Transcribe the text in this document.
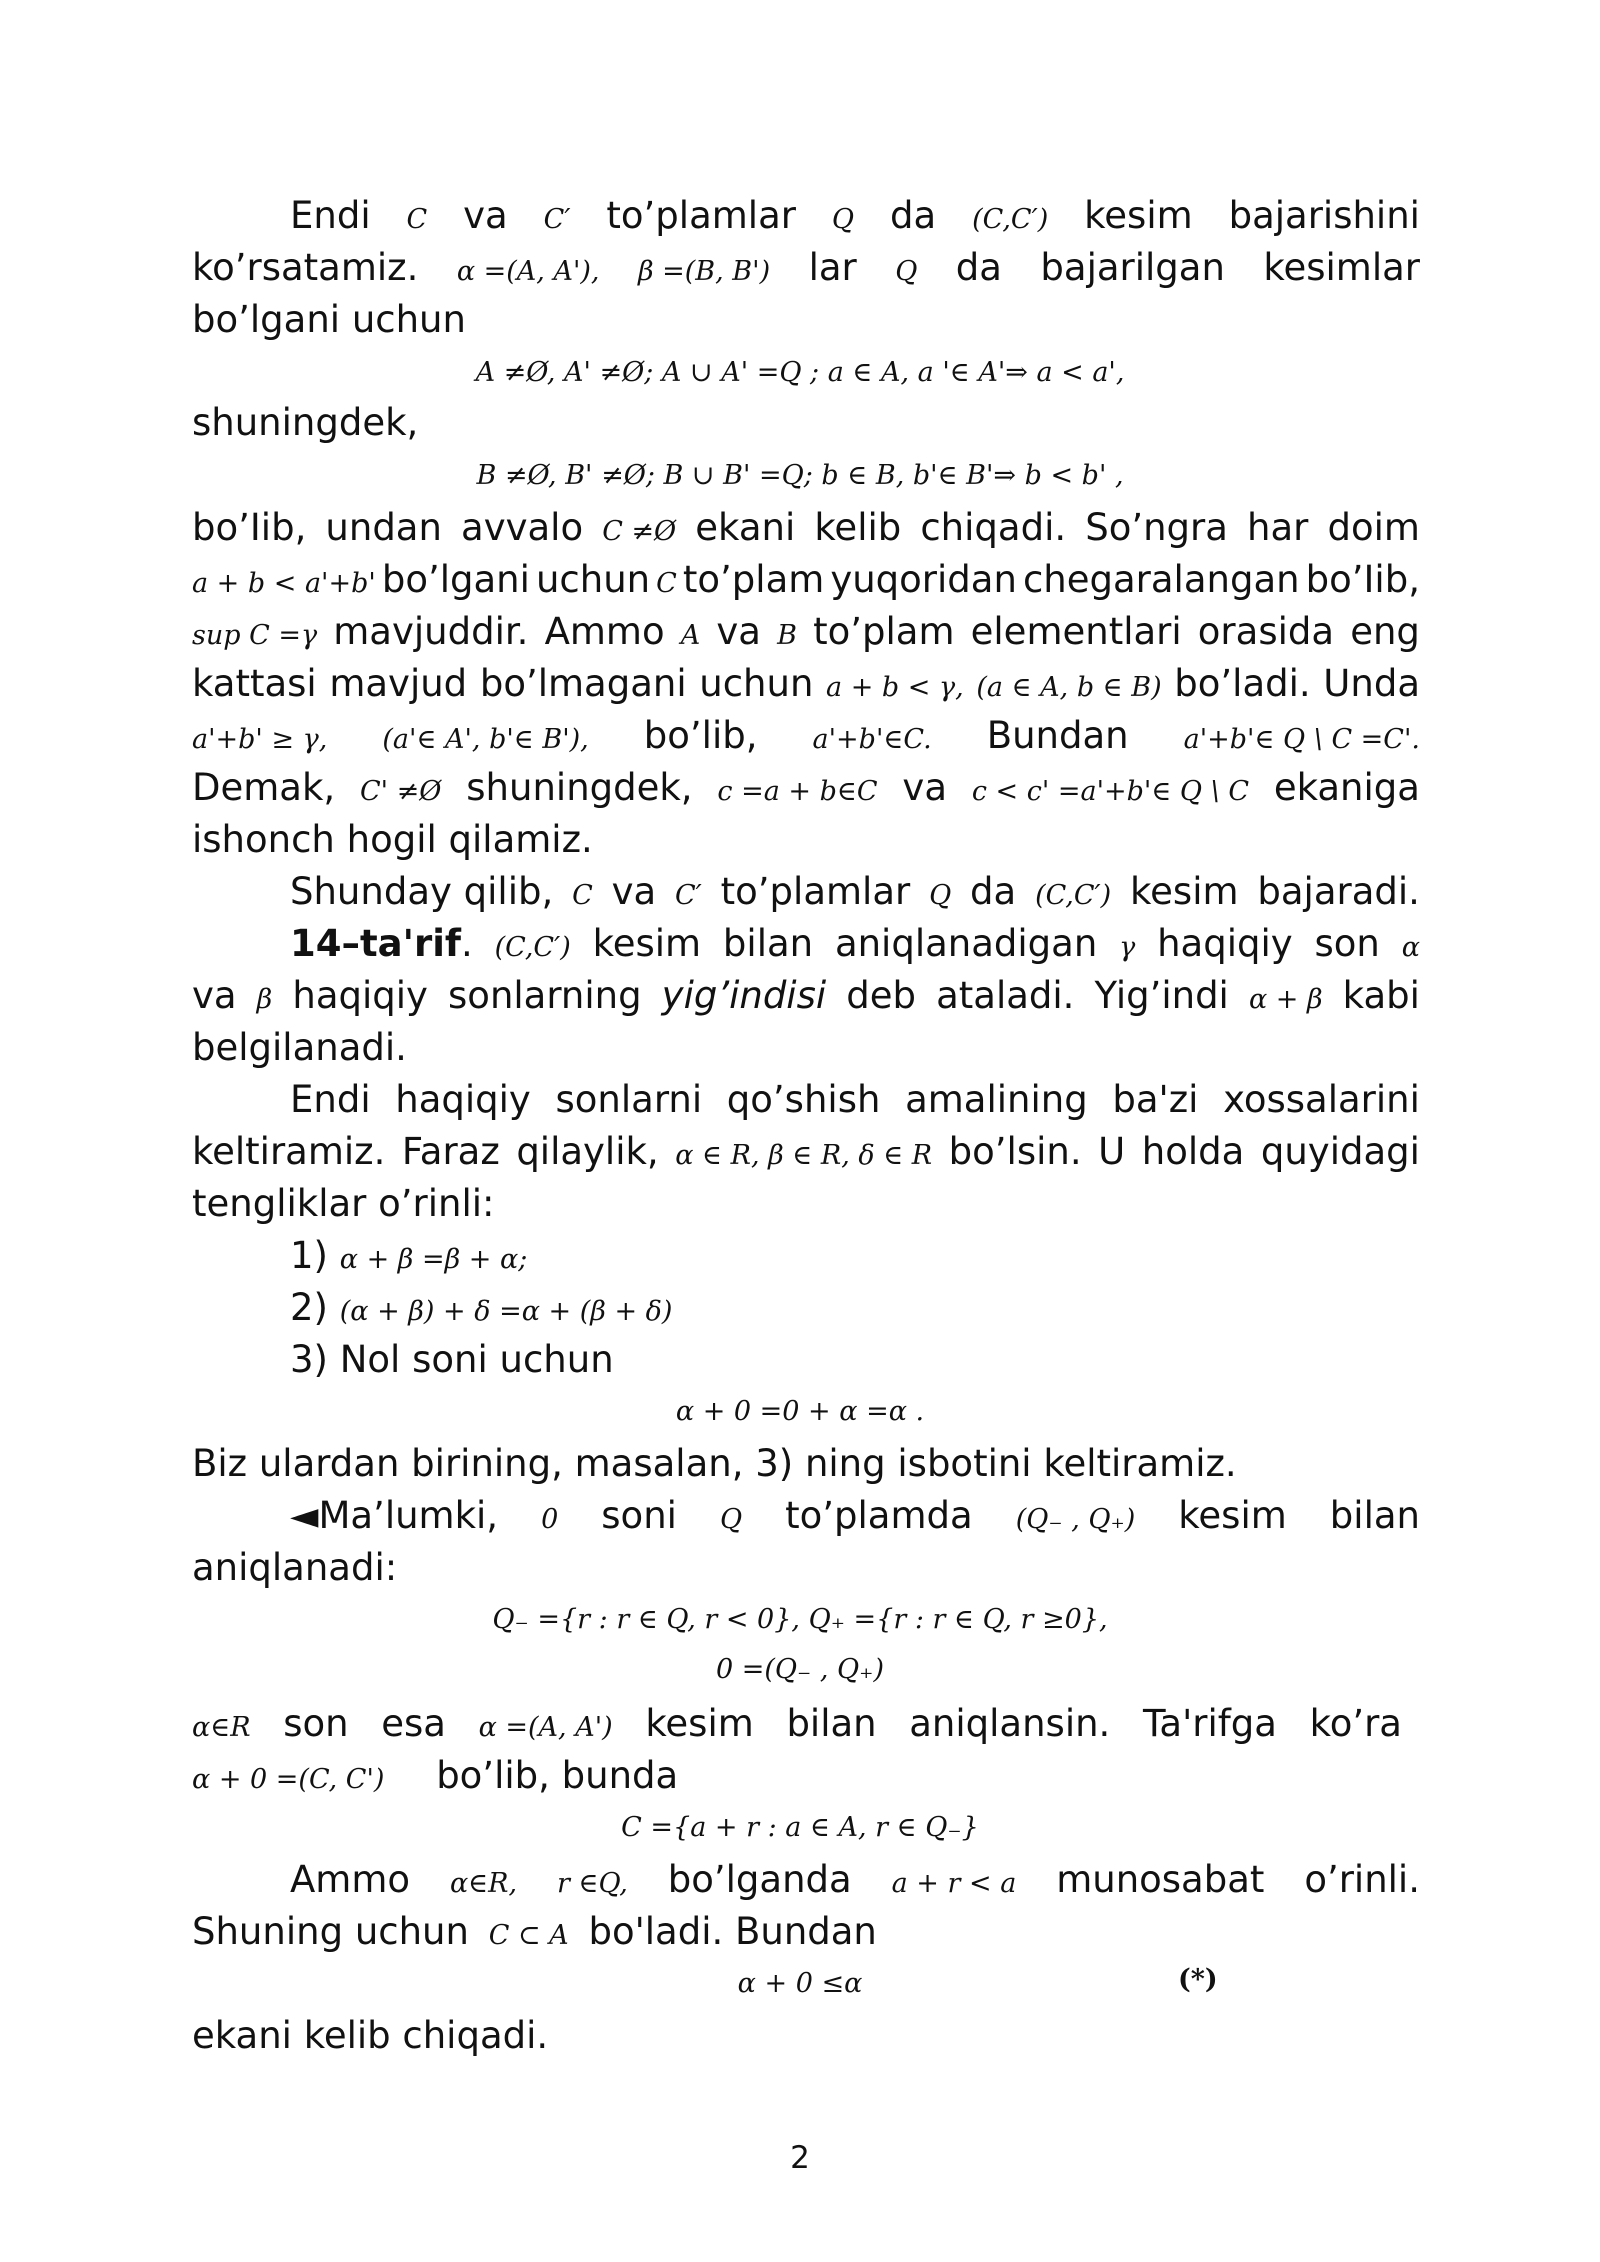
Endi C va C′ to’plamlar Q da (C,C′) kesim bajarishini
ko’rsatamiz. α =(A, A'), β =(B, B') lar Q da bajarilgan kesimlar
bo’lgani uchun
A ≠Ø, A' ≠Ø; A ∪ A' =Q ; a ∈ A, a '∈ A'⇒ a < a',
shuningdek,
B ≠Ø, B' ≠Ø; B ∪ B' =Q; b ∈ B, b'∈ B'⇒ b < b' ,
bo’Iib, undan avvalo C ≠Ø ekani kelib chiqadi. So’ngra har doim
a + b < a'+b' bo’lgani uchun C to’plam yuqoridan chegaralangan bo’Iib,
sup C =γ mavjuddir. Ammo A va B to’plam elementlari orasida eng
kattasi mavjud bo’lmagani uchun a + b < γ, (a ∈ A, b ∈ B) bo’ladi. Unda
a'+b' ≥ γ, (a'∈ A', b'∈ B'), bo’lib, a'+b'∈C. Bundan a'+b'∈ Q \ C =C'.
Demak, C' ≠Ø shuningdek, c =a + b∈C va c < c' =a'+b'∈ Q \ C ekaniga
ishonch hogil qilamiz.
Shunday qilib, C va C′ to’plamlar Q da (C,C′) kesim bajaradi.
14–ta'rif. (C,C′) kesim bilan aniqlanadigan γ haqiqiy son α
va β haqiqiy sonlarning yig’indisi deb ataladi. Yig’indi α + β kabi
belgilanadi.
Endi haqiqiy sonlarni qo’shish amalining ba'zi xossalarini
keltiramiz. Faraz qilaylik, α ∈ R, β ∈ R, δ ∈ R bo’lsin. U holda quyidagi
tengliklar o’rinli:
1) α + β =β + α;
2) (α + β) + δ =α + (β + δ)
3) Nol soni uchun
α + 0 =0 + α =α .
Biz ulardan birining, masalan, 3) ning isbotini keltiramiz.
◄Ma’lumki, 0 soni Q to’plamda (Q₋ , Q₊) kesim bilan
aniqlanadi:
Q₋ ={r : r ∈ Q, r < 0}, Q₊ ={r : r ∈ Q, r ≥0},
0 =(Q₋ , Q₊)
α∈R son esa α =(A, A') kesim bilan aniqlansin. Ta'rifga ko’ra
α + 0 =(C, C') bo’lib, bunda
C ={a + r : a ∈ A, r ∈ Q₋}
Ammo α∈R, r ∈Q, bo’lganda a + r < a munosabat o’rinli.
Shuning uchun C ⊂ A bo'ladi. Bundan
α + 0 ≤α	(*)
ekani kelib chiqadi.
2
